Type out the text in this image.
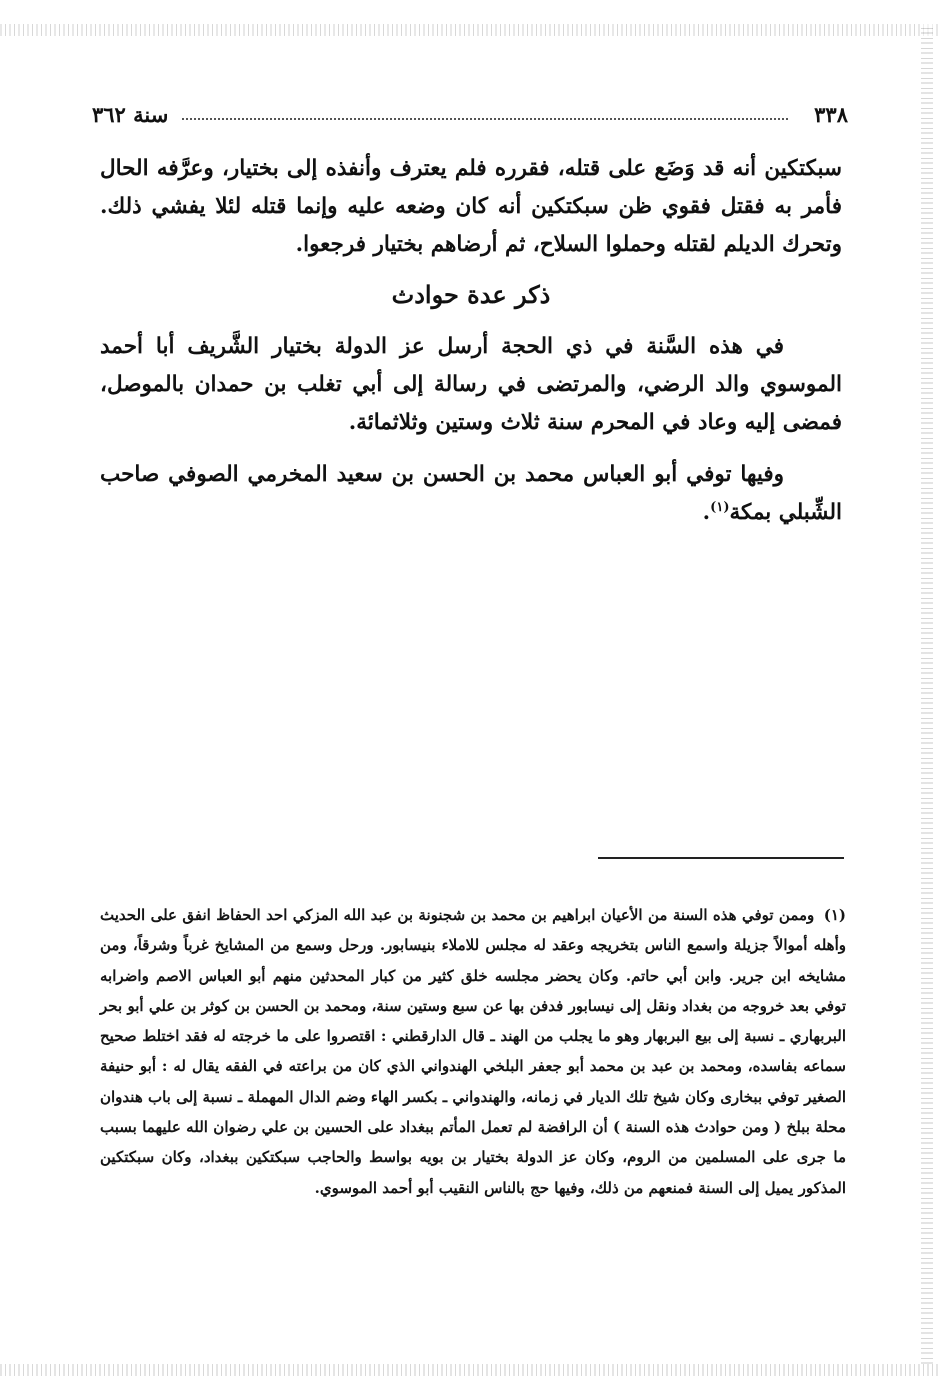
٣٣٨
سنة ٣٦٢

سبكتكين أنه قد وَضَع على قتله، فقرره فلم يعترف وأنفذه إلى بختيار، وعرَّفه الحال فأمر به فقتل فقوي ظن سبكتكين أنه كان وضعه عليه وإنما قتله لئلا يفشي ذلك. وتحرك الديلم لقتله وحملوا السلاح، ثم أرضاهم بختيار فرجعوا.

ذكر عدة حوادث

في هذه السَّنة في ذي الحجة أرسل عز الدولة بختيار الشَّريف أبا أحمد الموسوي والد الرضي، والمرتضى في رسالة إلى أبي تغلب بن حمدان بالموصل، فمضى إليه وعاد في المحرم سنة ثلاث وستين وثلاثمائة.

وفيها توفي أبو العباس محمد بن الحسن بن سعيد المخرمي الصوفي صاحب الشِّبلي بمكة$^{(١)}$.

(١) وممن توفي هذه السنة من الأعيان ابراهيم بن محمد بن شجنونة بن عبد الله المزكي احد الحفاظ انفق على الحديث وأهله أموالاً جزيلة واسمع الناس بتخريجه وعقد له مجلس للاملاء بنيسابور. ورحل وسمع من المشايخ غرباً وشرقاً، ومن مشايخه ابن جرير. وابن أبي حاتم. وكان يحضر مجلسه خلق كثير من كبار المحدثين منهم أبو العباس الاصم واضرابه توفي بعد خروجه من بغداد ونقل إلى نيسابور فدفن بها عن سبع وستين سنة، ومحمد بن الحسن بن كوثر بن علي أبو بحر البربهاري ـ نسبة إلى بيع البربهار وهو ما يجلب من الهند ـ قال الدارقطني : اقتصروا على ما خرجته له فقد اختلط صحيح سماعه بفاسده، ومحمد بن عبد بن محمد أبو جعفر البلخي الهندواني الذي كان من براعته في الفقه يقال له : أبو حنيفة الصغير توفي ببخارى وكان شيخ تلك الديار في زمانه، والهندواني ـ بكسر الهاء وضم الدال المهملة ـ نسبة إلى باب هندوان محلة ببلخ ( ومن حوادث هذه السنة ) أن الرافضة لم تعمل المأتم ببغداد على الحسين بن علي رضوان الله عليهما بسبب ما جرى على المسلمين من الروم، وكان عز الدولة بختيار بن بويه بواسط والحاجب سبكتكين ببغداد، وكان سبكتكين المذكور يميل إلى السنة فمنعهم من ذلك، وفيها حج بالناس النقيب أبو أحمد الموسوي.
